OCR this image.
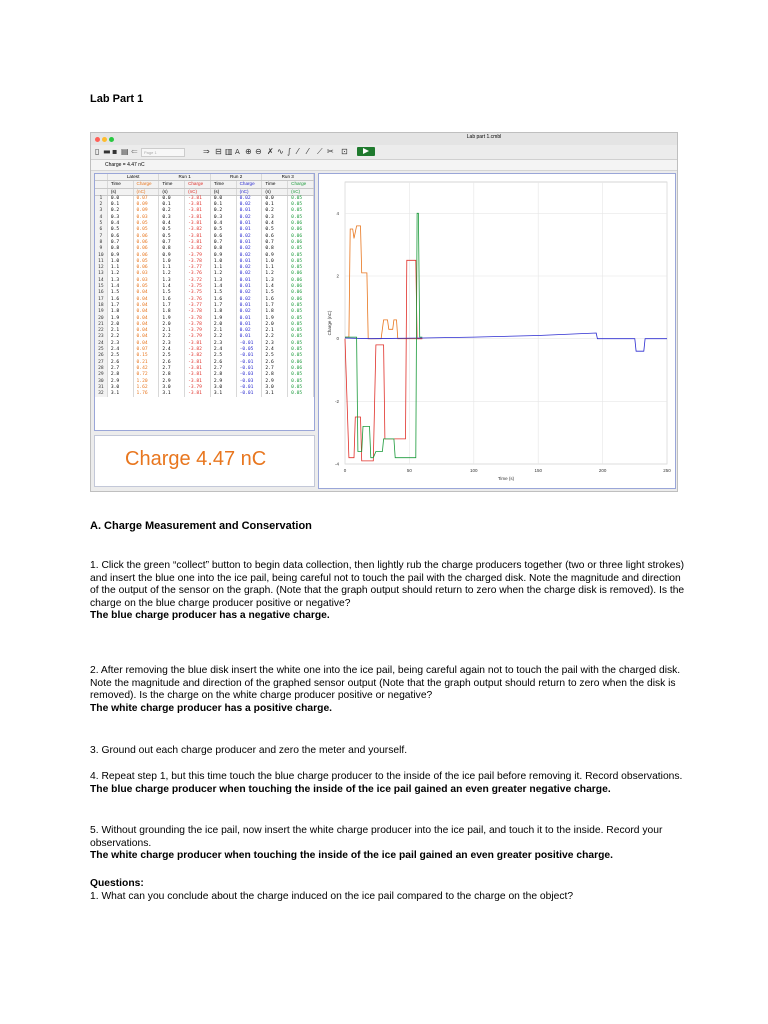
Lab Part 1
Lab part 1.cmbl
▯ ▬ ▪ ▤ ⇐	Page 1	⇒ ⊟ ▥ A ⊕ ⊖ ✗ ∿ ∫ ⁄ ⁄ ⟋ ✂ ⊡
Charge = 4.47 nC
	Latest		Run 1		Run 2		Run 3	
	Time	Charge	Time	Charge	Time	Charge	Time	Charge
	(s)	(nC)	(s)	(nC)	(s)	(nC)	(s)	(nC)
1	0.0	0.07	0.0	-3.81	0.0	0.02	0.0	0.05
2	0.1	0.09	0.1	-3.81	0.1	0.02	0.1	0.05
3	0.2	0.09	0.2	-3.81	0.2	0.01	0.2	0.05
4	0.3	0.03	0.3	-3.81	0.3	0.02	0.3	0.05
5	0.4	0.05	0.4	-3.81	0.4	0.01	0.4	0.06
6	0.5	0.05	0.5	-3.82	0.5	0.01	0.5	0.06
7	0.6	0.06	0.5	-3.81	0.6	0.02	0.6	0.06
8	0.7	0.06	0.7	-3.81	0.7	0.01	0.7	0.06
9	0.8	0.06	0.8	-3.82	0.8	0.02	0.8	0.05
10	0.9	0.06	0.9	-3.79	0.9	0.02	0.9	0.05
11	1.0	0.05	1.0	-3.78	1.0	0.01	1.0	0.05
12	1.1	0.06	1.1	-3.77	1.1	0.02	1.1	0.05
13	1.2	0.03	1.2	-3.76	1.2	0.02	1.2	0.06
14	1.3	0.03	1.3	-3.72	1.3	0.01	1.3	0.06
15	1.4	0.05	1.4	-3.75	1.4	0.01	1.4	0.06
16	1.5	0.04	1.5	-3.75	1.5	0.02	1.5	0.06
17	1.6	0.04	1.6	-3.76	1.6	0.02	1.6	0.06
18	1.7	0.04	1.7	-3.77	1.7	0.01	1.7	0.05
19	1.8	0.04	1.8	-3.78	1.8	0.02	1.8	0.05
20	1.9	0.04	1.9	-3.78	1.9	0.01	1.9	0.05
21	2.0	0.04	2.0	-3.78	2.0	0.01	2.0	0.05
22	2.1	0.04	2.1	-3.79	2.1	0.02	2.1	0.05
23	2.2	0.04	2.2	-3.79	2.2	0.01	2.2	0.05
24	2.3	0.04	2.3	-3.81	2.3	-0.01	2.3	0.05
25	2.4	0.07	2.4	-3.82	2.4	-0.05	2.4	0.05
26	2.5	0.15	2.5	-3.82	2.5	-0.01	2.5	0.05
27	2.6	0.21	2.6	-3.81	2.6	-0.01	2.6	0.06
28	2.7	0.42	2.7	-3.81	2.7	-0.01	2.7	0.06
29	2.8	0.72	2.8	-3.81	2.8	-0.03	2.8	0.05
30	2.9	1.20	2.9	-3.81	2.9	-0.03	2.9	0.05
31	3.0	1.62	3.0	-3.79	3.0	-0.01	3.0	0.05
32	3.1	1.76	3.1	-3.81	3.1	-0.01	3.1	0.05
Charge 4.47 nC
0	50	100	150	200	250
4
2
0
-2
-4
Time (s)
Charge (nC)
A. Charge Measurement and Conservation

1. Click the green “collect” button to begin data collection, then lightly rub the charge producers together (two or three light strokes) and insert the blue one into the ice pail, being careful not to touch the pail with the charged disk. Note the magnitude and direction of the output of the sensor on the graph. (Note that the graph output should return to zero when the charge disk is removed). Is the charge on the blue charge producer positive or negative?

The blue charge producer has a negative charge.

2. After removing the blue disk insert the white one into the ice pail, being careful again not to touch the pail with the charged disk. Note the magnitude and direction of the graphed sensor output (Note that the graph output should return to zero when the disk is removed). Is the charge on the white charge producer positive or negative?

The white charge producer has a positive charge.

3. Ground out each charge producer and zero the meter and yourself.

4. Repeat step 1, but this time touch the blue charge producer to the inside of the ice pail before removing it. Record observations.

The blue charge producer when touching the inside of the ice pail gained an even greater negative charge.

5. Without grounding the ice pail, now insert the white charge producer into the ice pail, and touch it to the inside. Record your observations.

The white charge producer when touching the inside of the ice pail gained an even greater positive charge.

Questions:

1. What can you conclude about the charge induced on the ice pail compared to the charge on the object?
